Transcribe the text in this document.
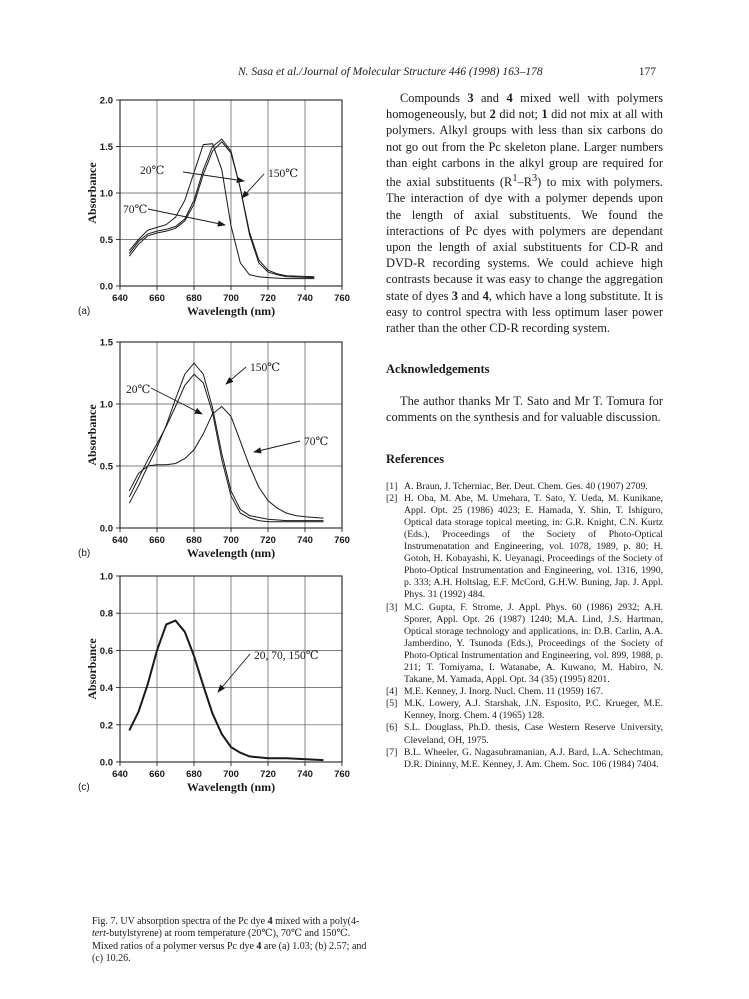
N. Sasa et al./Journal of Molecular Structure 446 (1998) 163–178	177
640 660 680 700 720 740 760
0.0
0.5
1.0
1.5
2.0
20℃
70℃
150℃
Wavelength (nm)
Absorbance
(a)
640 660 680 700 720 740 760
0.0
0.5
1.0
1.5
150℃
20℃
70℃
Wavelength (nm)
Absorbance
(b)
640 660 680 700 720 740 760
0.0
0.2
0.4
0.6
0.8
1.0
20, 70, 150℃
Wavelength (nm)
Absorbance
(c)
Fig. 7. UV absorption spectra of the Pc dye 4 mixed with a poly(4-tert-butylstyrene) at room temperature (20℃), 70℃ and 150℃. Mixed ratios of a polymer versus Pc dye 4 are (a) 1.03; (b) 2.57; and (c) 10.26.

Compounds 3 and 4 mixed well with polymers homogeneously, but 2 did not; 1 did not mix at all with polymers. Alkyl groups with less than six carbons do not go out from the Pc skeleton plane. Larger numbers than eight carbons in the alkyl group are required for the axial substituents $(R^1-R^3)$ to mix with polymers. The interaction of dye with a polymer depends upon the length of axial substituents. We found the interactions of Pc dyes with polymers are dependant upon the length of axial substituents for CD-R and DVD-R recording systems. We could achieve high contrasts because it was easy to change the aggregation state of dyes 3 and 4, which have a long substitute. It is easy to control spectra with less optimum laser power rather than the other CD-R recording system.

Acknowledgements

The author thanks Mr T. Sato and Mr T. Tomura for comments on the synthesis and for valuable discussion.

References

[1] A. Braun, J. Tcherniac, Ber. Deut. Chem. Ges. 40 (1907) 2709.
[2] H. Oba, M. Abe, M. Umehara, T. Sato, Y. Ueda, M. Kunikane, Appl. Opt. 25 (1986) 4023; E. Hamada, Y. Shin, T. Ishiguro, Optical data storage topical meeting, in: G.R. Knight, C.N. Kurtz (Eds.), Proceedings of the Society of Photo-Optical Instrumenatation and Engineering, vol. 1078, 1989, p. 80; H. Gotoh, H. Kobayashi, K. Ueyanagi, Proceedings of the Society of Photo-Optical Instrumentation and Engineering, vol. 1316, 1990, p. 333; A.H. Holtslag, E.F. McCord, G.H.W. Buning, Jap. J. Appl. Phys. 31 (1992) 484.
[3] M.C. Gupta, F. Strome, J. Appl. Phys. 60 (1986) 2932; A.H. Sporer, Appl. Opt. 26 (1987) 1240; M.A. Lind, J.S. Hartman, Optical storage technology and applications, in: D.B. Carlin, A.A. Jamberdino, Y. Tsunoda (Eds.), Proceedings of the Society of Photo-Optical Instrumentation and Engineering, vol. 899, 1988, p. 211; T. Tomiyama, I. Watanabe, A. Kuwano, M. Habiro, N. Takane, M. Yamada, Appl. Opt. 34 (35) (1995) 8201.
[4] M.E. Kenney, J. Inorg. Nucl. Chem. 11 (1959) 167.
[5] M.K. Lowery, A.J. Starshak, J.N. Esposito, P.C. Krueger, M.E. Kenney, Inorg. Chem. 4 (1965) 128.
[6] S.L. Douglass, Ph.D. thesis, Case Western Reserve University, Cleveland, OH, 1975.
[7] B.L. Wheeler, G. Nagasubramanian, A.J. Bard, L.A. Schechtman, D.R. Dininny, M.E. Kenney, J. Am. Chem. Soc. 106 (1984) 7404.
